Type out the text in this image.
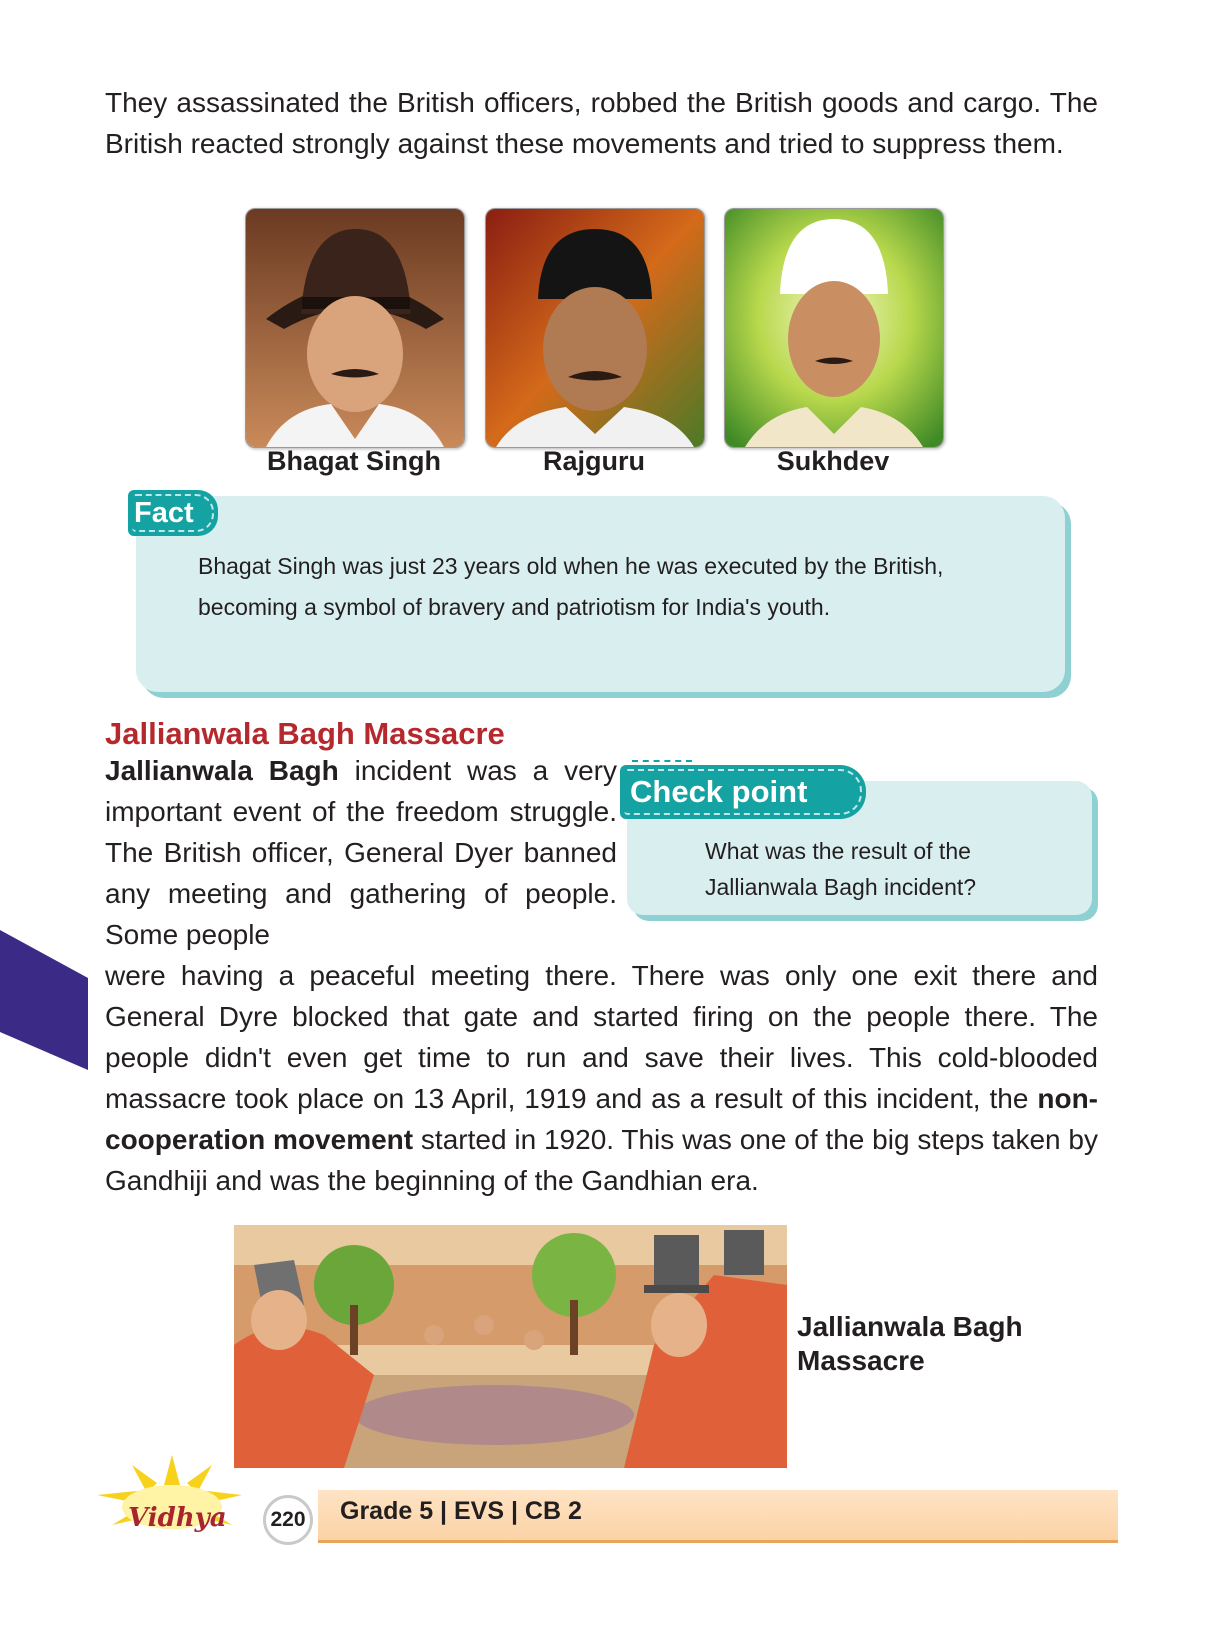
They assassinated the British officers, robbed the British goods and cargo. The British reacted strongly against these movements and tried to suppress them.

Bhagat Singh	Rajguru	Sukhdev
Fact

Bhagat Singh was just 23 years old when he was executed by the British, becoming a symbol of bravery and patriotism for India's youth.

Jallianwala Bagh Massacre

Jallianwala Bagh incident was a very important event of the freedom struggle. The British officer, General Dyer banned any meeting and gathering of people. Some people

Check point

What was the result of the Jallianwala Bagh incident?

were having a peaceful meeting there. There was only one exit there and General Dyre blocked that gate and started firing on the people there. The people didn't even get time to run and save their lives. This cold-blooded massacre took place on 13 April, 1919 and as a result of this incident, the non- cooperation movement started in 1920. This was one of the big steps taken by Gandhiji and was the beginning of the Gandhian era.

Jallianwala Bagh
Massacre

Vidhya	220 Grade 5 | EVS | CB 2
